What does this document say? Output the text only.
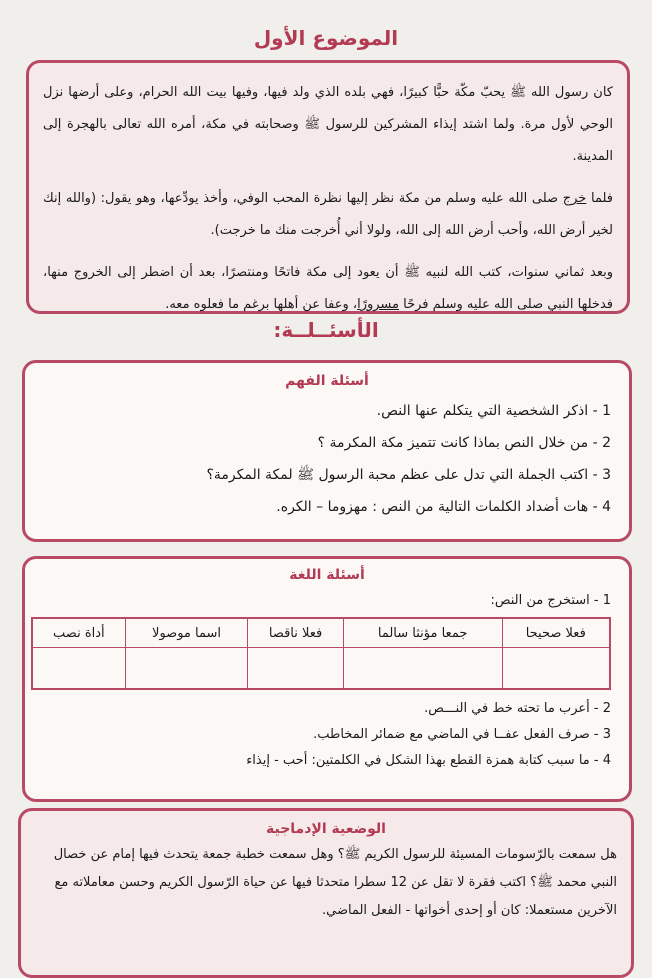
الموضوع الأول

كان رسول الله ﷺ يحبّ مكّة حبًّا كبيرًا، فهي بلده الذي ولد فيها، وفيها بيت الله الحرام، وعلى أرضها نزل الوحي لأول مرة. ولما اشتد إيذاء المشركين للرسول ﷺ وصحابته في مكة، أمره الله تعالى بالهجرة إلى المدينة.

فلما خرج صلى الله عليه وسلم من مكة نظر إليها نظرة المحب الوفي، وأخذ يودِّعها، وهو يقول: (والله إنك لخير أرض الله، وأحب أرض الله إلى الله، ولولا أني أُخرجت منك ما خرجت).

وبعد ثماني سنوات، كتب الله لنبيه ﷺ أن يعود إلى مكة فاتحًا ومنتصرًا، بعد أن اضطر إلى الخروج منها، فدخلها النبي صلى الله عليه وسلم فرحًا مسرورًا، وعفا عن أهلها برغم ما فعلوه معه.

الأسئــلــة:
أسئلة الفهم
1 - اذكر الشخصية التي يتكلم عنها النص.
2 - من خلال النص بماذا كانت تتميز مكة المكرمة ؟
3 - اكتب الجملة التي تدل على عظم محبة الرسول ﷺ لمكة المكرمة؟
4 - هات أضداد الكلمات التالية من النص : مهزوما – الكره.
أسئلة اللغة
1 - استخرج من النص:
فعلا صحيحا	جمعا مؤنثا سالما	فعلا ناقصا	اسما موصولا	أداة نصب

2 - أعرب ما تحته خط في النـــص.
3 - صرف الفعل عفــا في الماضي مع ضمائر المخاطب.
4 - ما سبب كتابة همزة القطع بهذا الشكل في الكلمتين: أحب - إيذاء
الوضعية الإدماجية

هل سمعت بالرّسومات المسيئة للرسول الكريم ﷺ؟ وهل سمعت خطبة جمعة يتحدث فيها إمام عن خصال النبي محمد ﷺ؟ اكتب فقرة لا تقل عن 12 سطرا متحدثا فيها عن حياة الرّسول الكريم وحسن معاملاته مع الآخرين مستعملا: كان أو إحدى أخواتها - الفعل الماضي.
